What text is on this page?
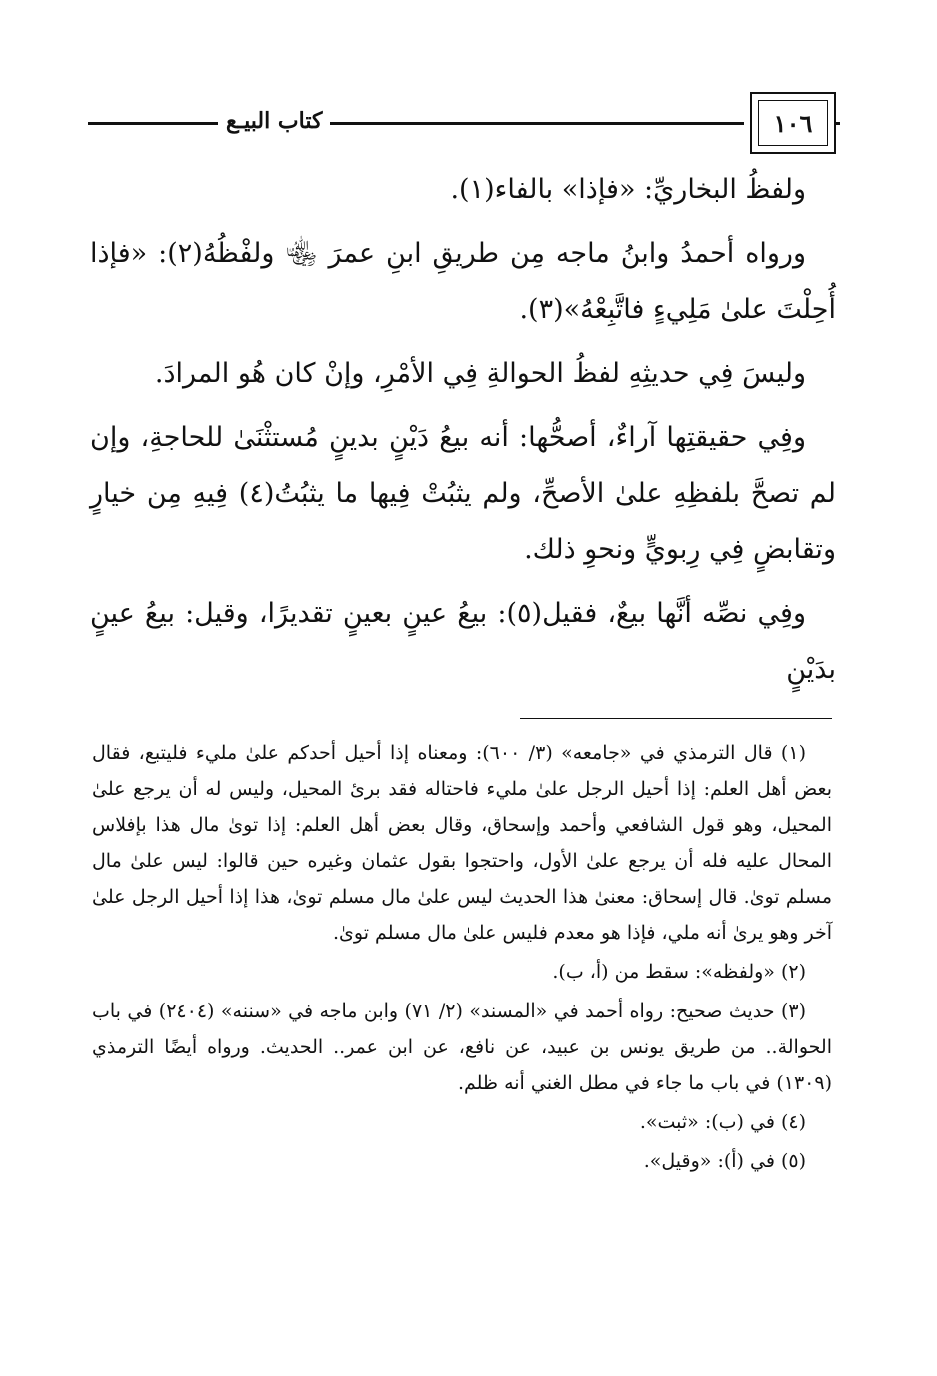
كتاب البيـع	١٠٦

ولفظُ البخاريِّ: «فإذا» بالفاء(١).

ورواه أحمدُ وابنُ ماجه مِن طريقِ ابنِ عمرَ ﵄ ولفْظُهُ(٢): «فإذا أُحِلْتَ علىٰ مَلِيءٍ فاتَّبِعْهُ»(٣).

وليسَ فِي حديثِهِ لفظُ الحوالةِ فِي الأمْرِ، وإنْ كان هُو المرادَ.

وفِي حقيقتِها آراءٌ، أصحُّها: أنه بيعُ دَيْنٍ بدينٍ مُستثْنَىٰ للحاجةِ، وإن لم تصحَّ بلفظِهِ علىٰ الأصحِّ، ولم يثبُتْ فِيها ما يثبُتُ(٤) فِيهِ مِن خيارٍ وتقابضٍ فِي رِبويٍّ ونحوِ ذلك.

وفِي نصِّه أنَّها بيعٌ، فقيل(٥): بيعُ عينٍ بعينٍ تقديرًا، وقيل: بيعُ عينٍ بدَيْنٍ

(١) قال الترمذي في «جامعه» (٣/ ٦٠٠): ومعناه إذا أحيل أحدكم علىٰ مليء فليتبع، فقال بعض أهل العلم: إذا أحيل الرجل علىٰ مليء فاحتاله فقد برئ المحيل، وليس له أن يرجع علىٰ المحيل، وهو قول الشافعي وأحمد وإسحاق، وقال بعض أهل العلم: إذا توىٰ مال هذا بإفلاس المحال عليه فله أن يرجع علىٰ الأول، واحتجوا بقول عثمان وغيره حين قالوا: ليس علىٰ مال مسلم توىٰ. قال إسحاق: معنىٰ هذا الحديث ليس علىٰ مال مسلم توىٰ، هذا إذا أحيل الرجل علىٰ آخر وهو يرىٰ أنه ملي، فإذا هو معدم فليس علىٰ مال مسلم توىٰ.

(٢) «ولفظه»: سقط من (أ، ب).

(٣) حديث صحيح: رواه أحمد في «المسند» (٢/ ٧١) وابن ماجه في «سننه» (٢٤٠٤) في باب الحوالة.. من طريق يونس بن عبيد، عن نافع، عن ابن عمر.. الحديث. ورواه أيضًا الترمذي (١٣٠٩) في باب ما جاء في مطل الغني أنه ظلم.

(٤) في (ب): «ثبت».

(٥) في (أ): «وقيل».
